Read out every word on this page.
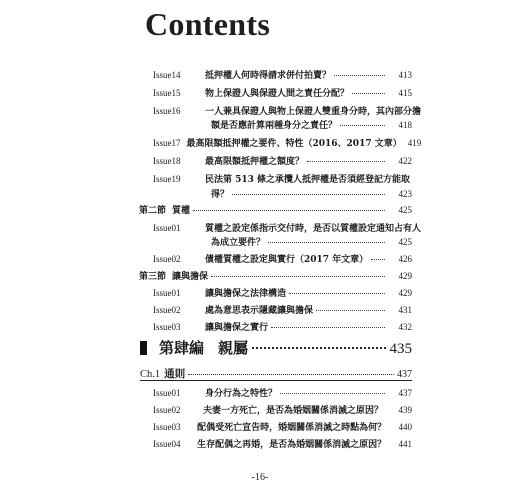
Contents
Issue14	抵押權人何時得請求併付拍賣？	413
Issue15	物上保證人與保證人間之責任分配？	415
Issue16	一人兼具保證人與物上保證人雙重身分時，其內部分擔
額是否應計算兩種身分之責任？	418
Issue17 最高限額抵押權之要件、特性（2016、2017 文章） 419
Issue18	最高限額抵押權之額度？	422
Issue19	民法第 513 條之承攬人抵押權是否須經登記方能取
得？	423
第二節 質權	425
Issue01	質權之設定係指示交付時，是否以質權設定通知占有人
為成立要件？	425
Issue02	債權質權之設定與實行（2017 年文章）	426
第三節 讓與擔保	429
Issue01	讓與擔保之法律構造	429
Issue02	處為意思表示隱藏讓與擔保	431
Issue03	讓與擔保之實行	432
第肆編 親屬	435
Ch.1 通則	437
Issue01	身分行為之特性？	437
Issue02	夫妻一方死亡，是否為婚姻關係消滅之原因？	439
Issue03	配偶受死亡宣告時，婚姻關係消滅之時點為何？	440
Issue04	生存配偶之再婚，是否為婚姻關係消滅之原因？	441
-16-
